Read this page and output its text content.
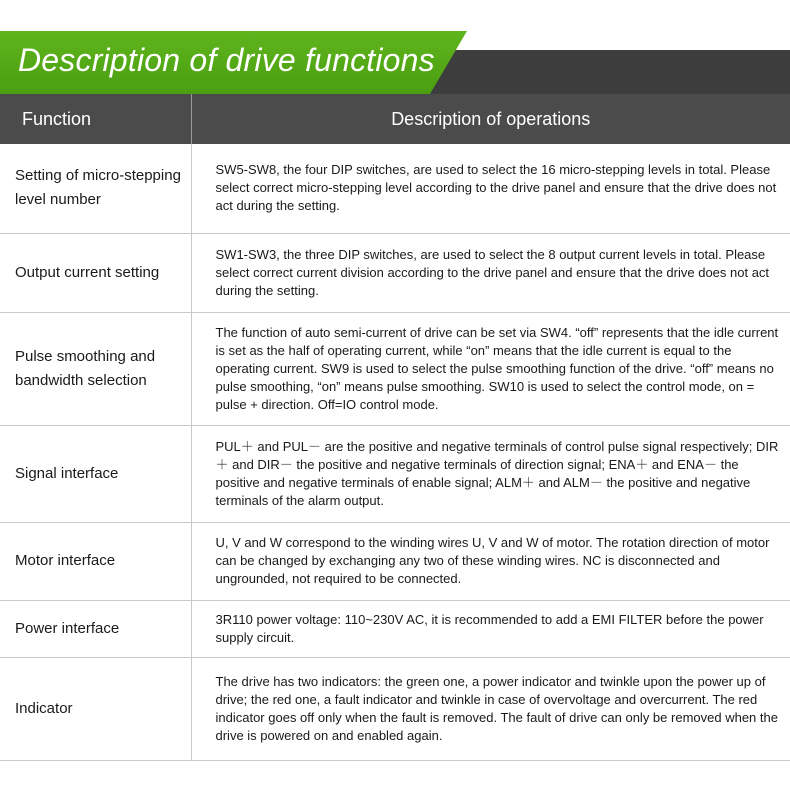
Description of drive functions
Function	Description of operations
Setting of micro-stepping level number	SW5-SW8, the four DIP switches, are used to select the 16 micro-stepping levels in total. Please select correct micro-stepping level according to the drive panel and ensure that the drive does not act during the setting.
Output current setting	SW1-SW3, the three DIP switches, are used to select the 8 output current levels in total. Please select correct current division according to the drive panel and ensure that the drive does not act during the setting.
Pulse smoothing and bandwidth selection	The function of auto semi-current of drive can be set via SW4. “off” represents that the idle current is set as the half of operating current, while “on” means that the idle current is equal to the operating current. SW9 is used to select the pulse smoothing function of the drive. “off” means no pulse smoothing, “on” means pulse smoothing. SW10 is used to select the control mode, on = pulse + direction. Off=IO control mode.
Signal interface	PUL＋ and PUL－ are the positive and negative terminals of control pulse signal respectively; DIR＋ and DIR－ the positive and negative terminals of direction signal; ENA＋ and ENA－ the positive and negative terminals of enable signal; ALM＋ and ALM－ the positive and negative terminals of the alarm output.
Motor interface	U, V and W correspond to the winding wires U, V and W of motor. The rotation direction of motor can be changed by exchanging any two of these winding wires. NC is disconnected and ungrounded, not required to be connected.
Power interface	3R110 power voltage: 110~230V AC, it is recommended to add a EMI FILTER before the power supply circuit.
Indicator	The drive has two indicators: the green one, a power indicator and twinkle upon the power up of drive; the red one, a fault indicator and twinkle in case of overvoltage and overcurrent. The red indicator goes off only when the fault is removed. The fault of drive can only be removed when the drive is powered on and enabled again.
